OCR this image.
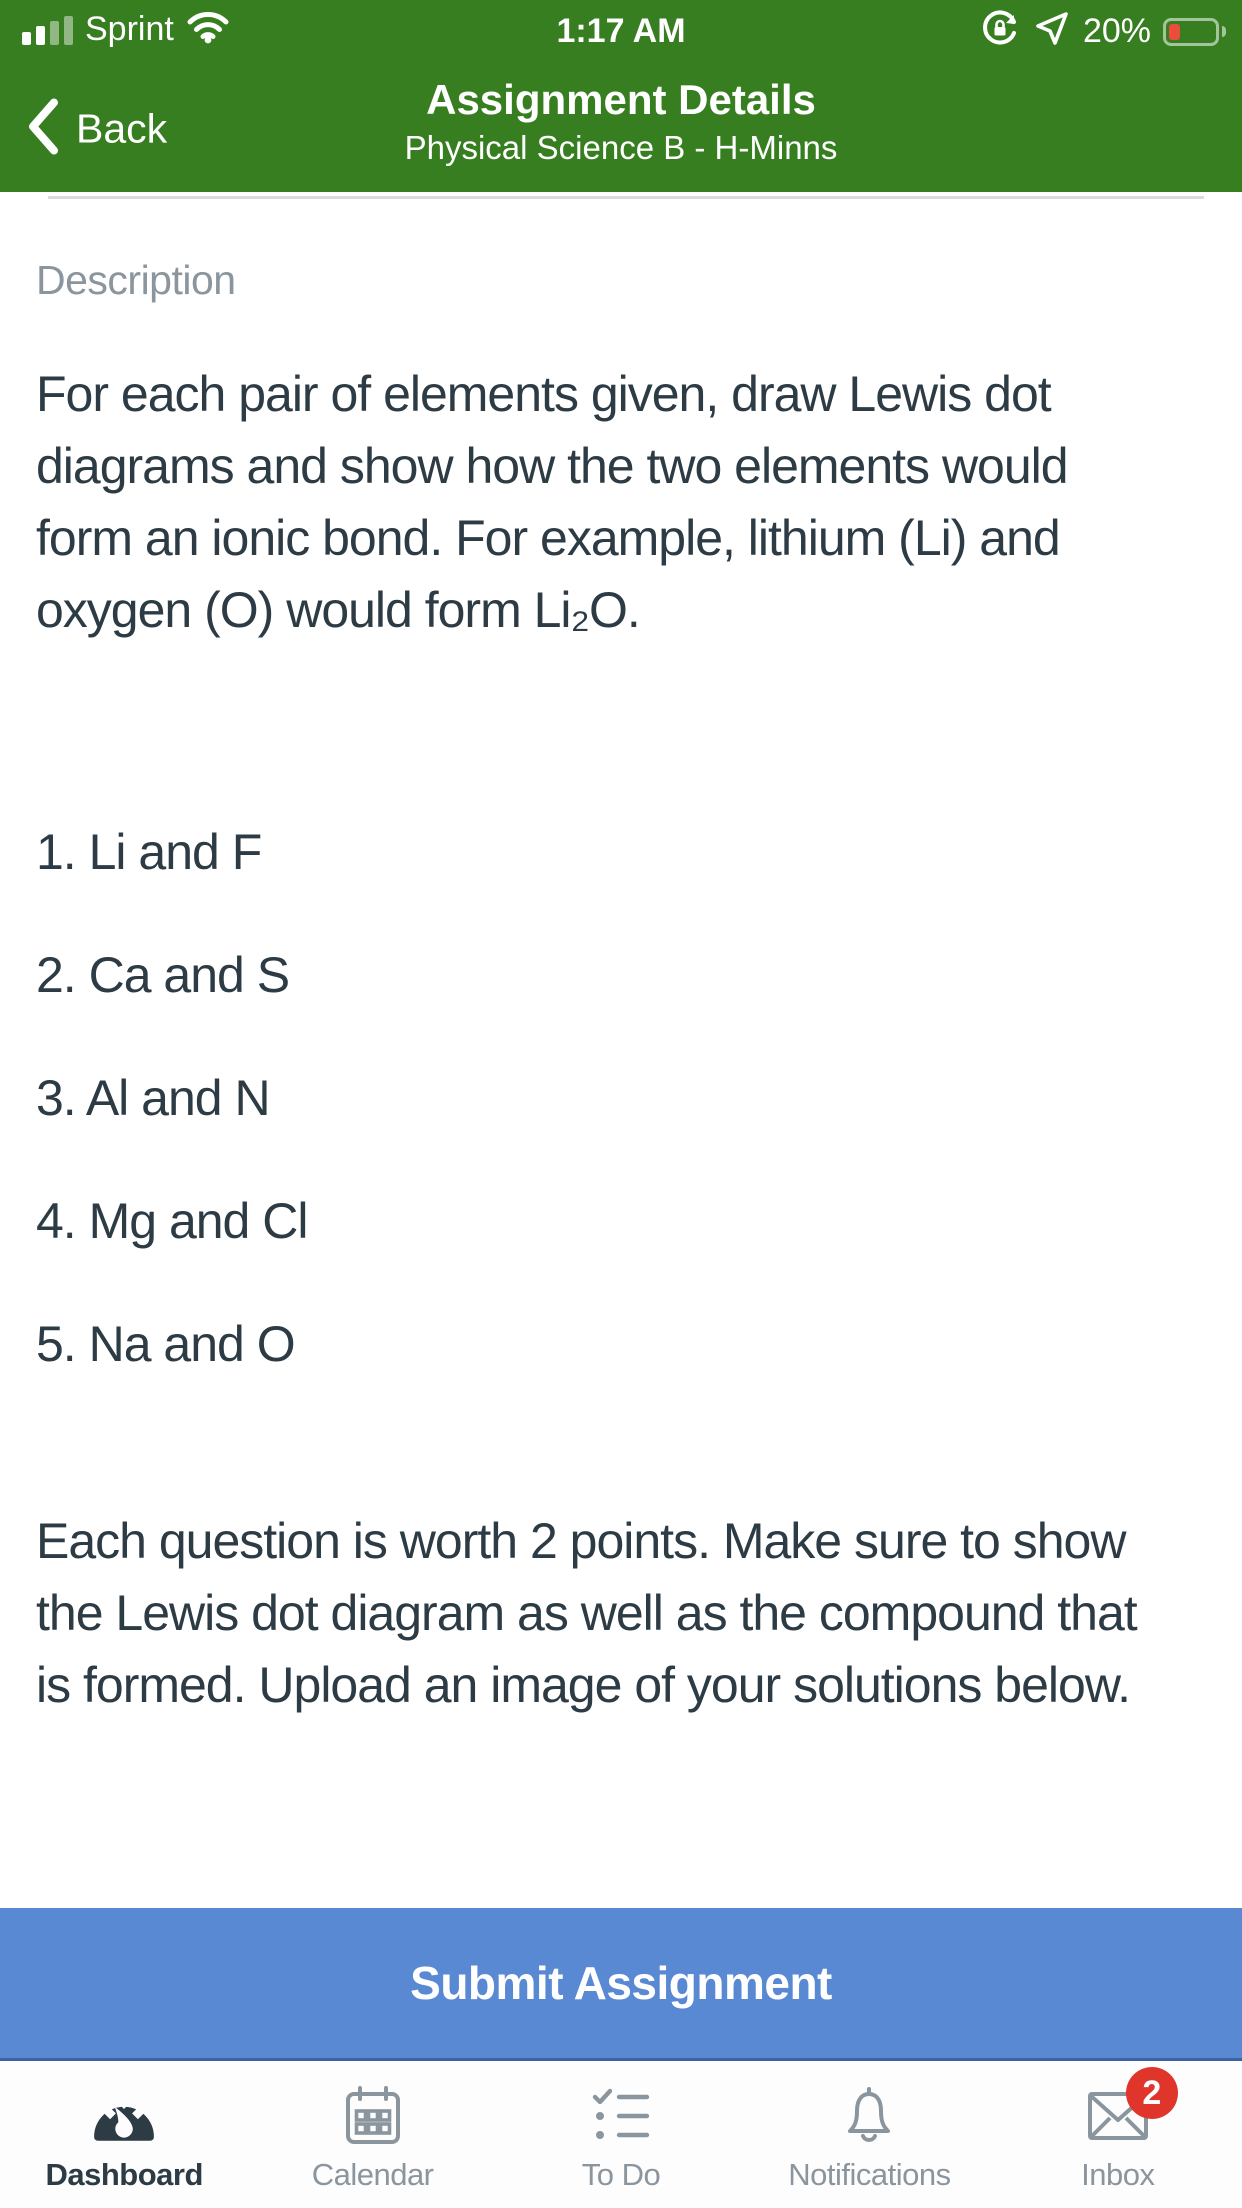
Sprint	1:17 AM	20%
Back
Assignment Details
Physical Science B - H-Minns
Description
For each pair of elements given, draw Lewis dot diagrams and show how the two elements would form an ionic bond. For example, lithium (Li) and oxygen (O) would form Li₂O.
1. Li and F
2. Ca and S
3. Al and N
4. Mg and Cl
5. Na and O
Each question is worth 2 points. Make sure to show the Lewis dot diagram as well as the compound that is formed. Upload an image of your solutions below.
Submit Assignment
Dashboard	Calendar	To Do	Notifications
2
Inbox
